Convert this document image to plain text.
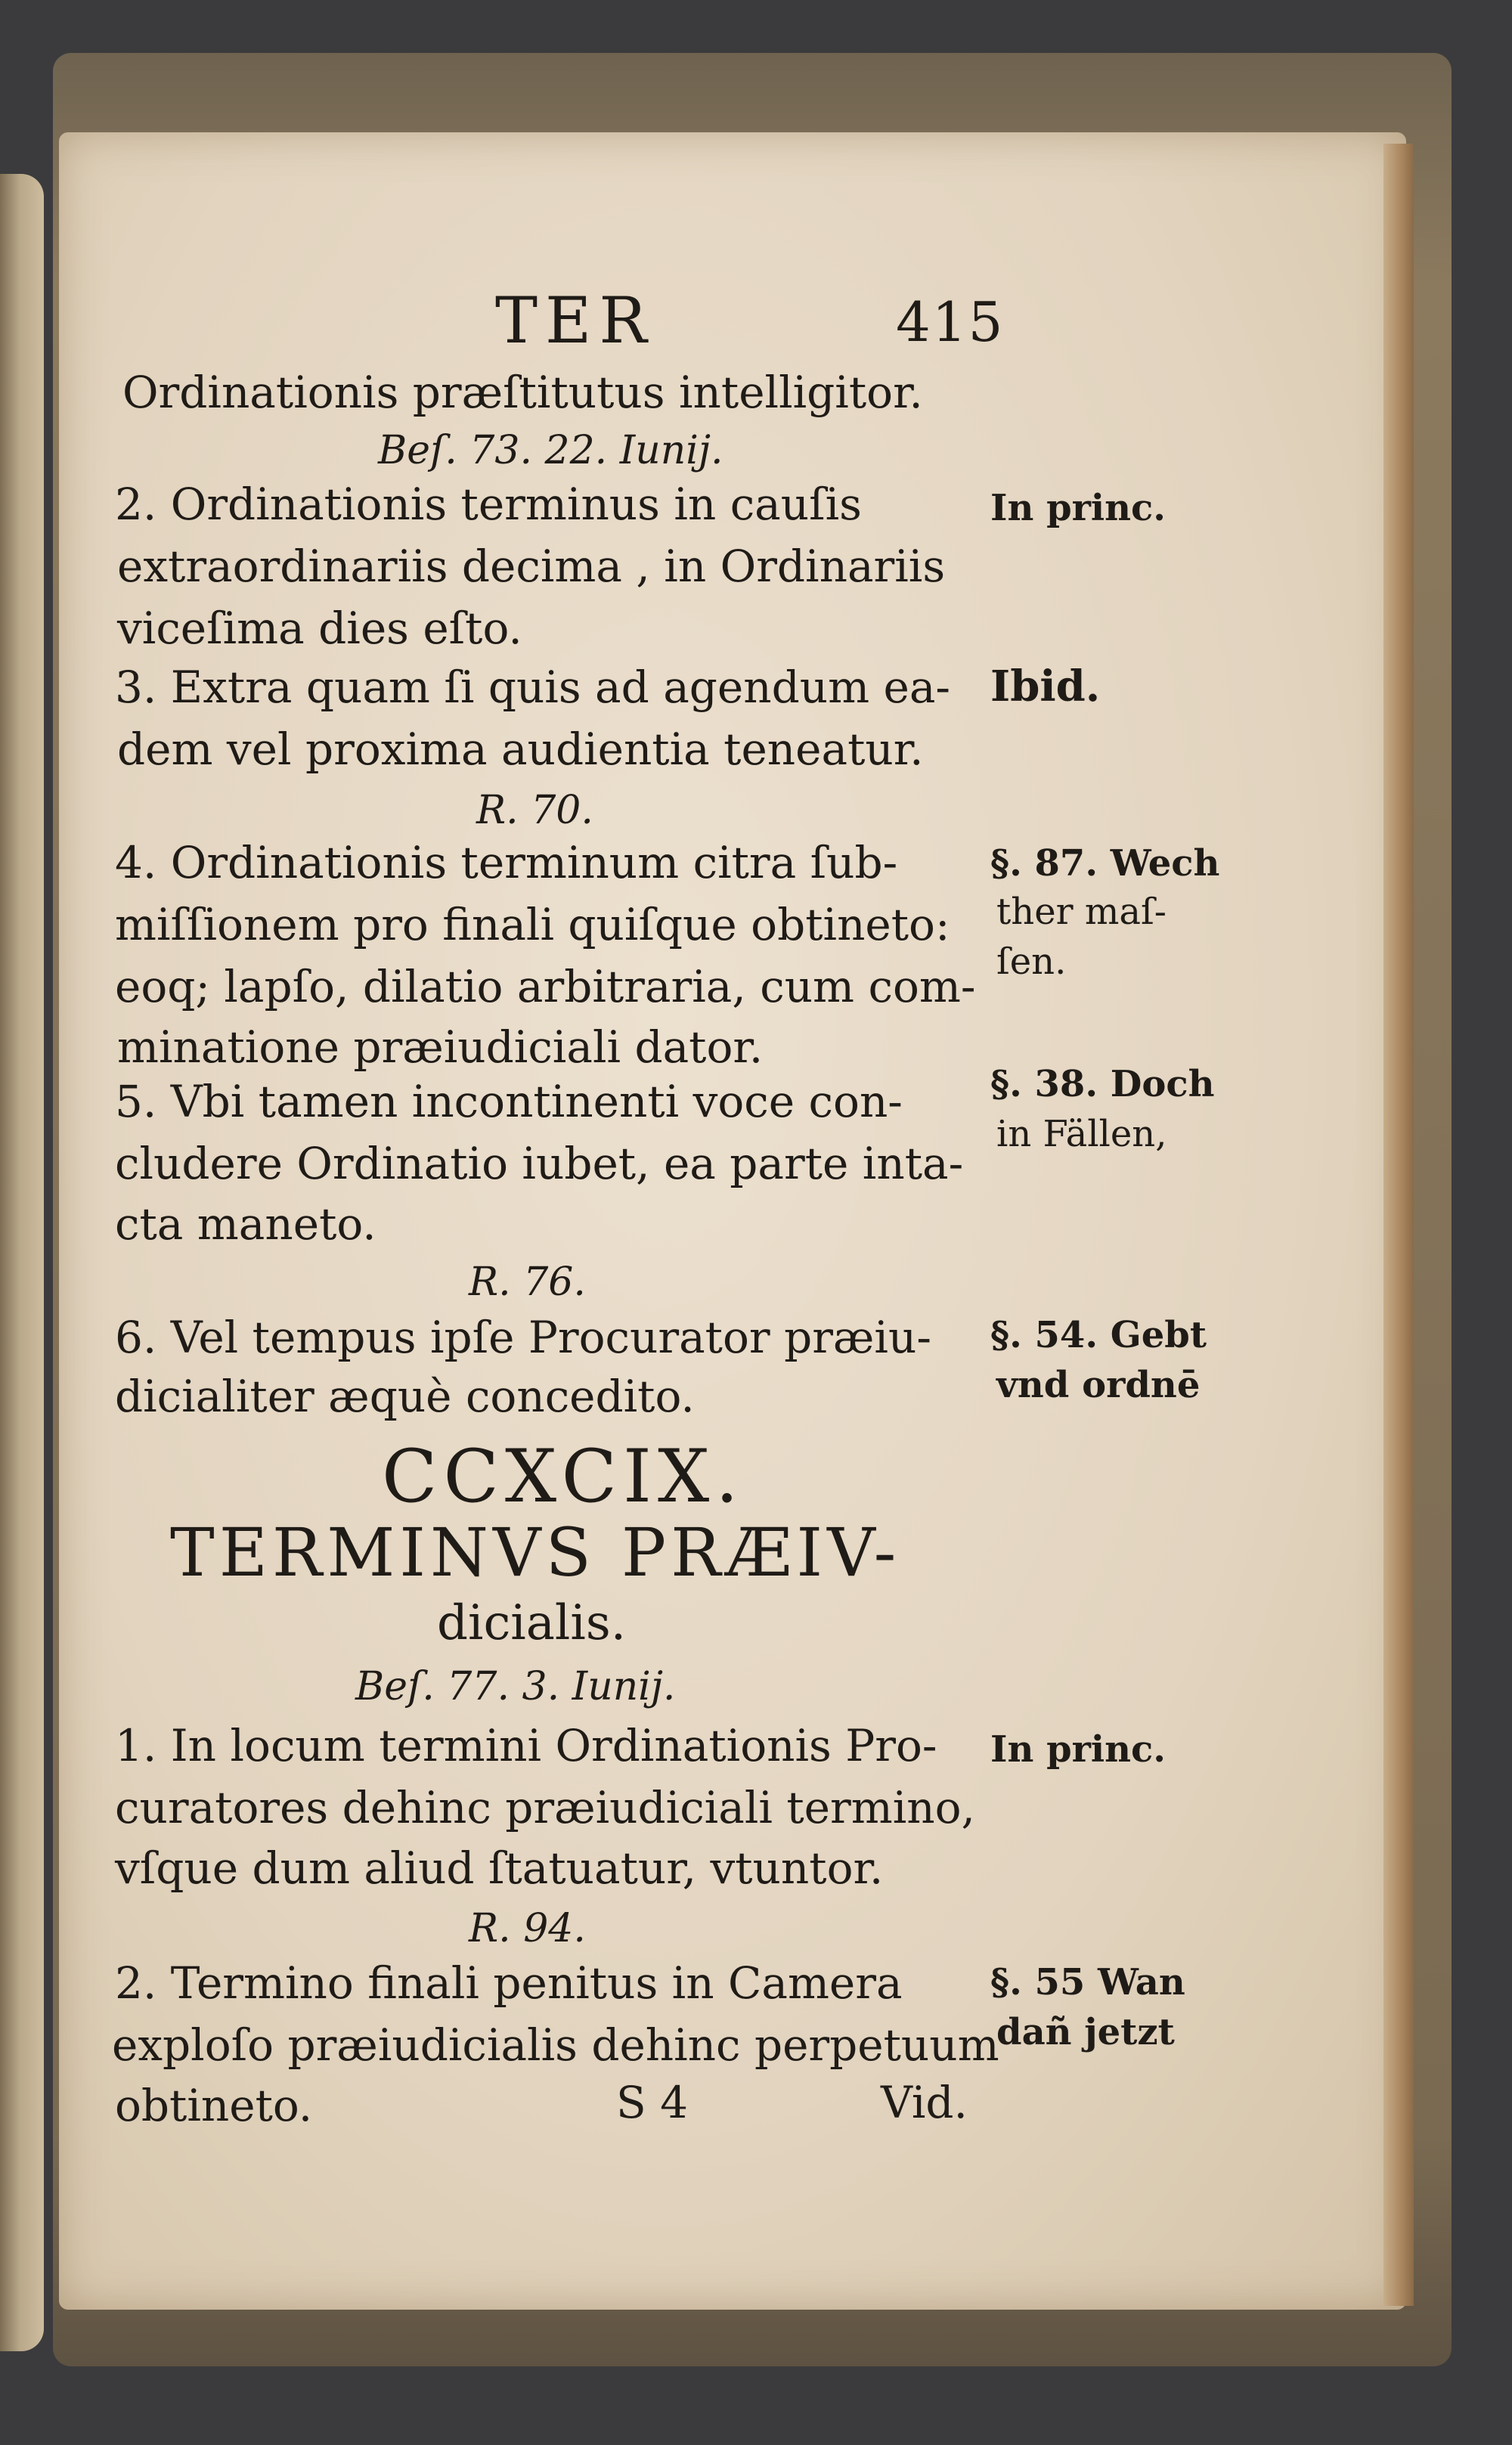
TER	415
Ordinationis præſtitutus intelligitor.
Beſ. 73. 22. Iunij.
2. Ordinationis terminus in cauſis
extraordinariis decima , in Ordinariis
viceſima dies eſto.
3. Extra quam ſi quis ad agendum ea-
dem vel proxima audientia teneatur.
R. 70.
4. Ordinationis terminum citra ſub-
miſſionem pro finali quiſque obtineto:
eoq; lapſo, dilatio arbitraria, cum com-
minatione præiudiciali dator.
5. Vbi tamen incontinenti voce con-
cludere Ordinatio iubet, ea parte inta-
cta maneto.
R. 76.
6. Vel tempus ipſe Procurator præiu-
dicialiter æquè concedito.
CCXCIX.
TERMINVS PRÆIV-
dicialis.
Beſ. 77. 3. Iunij.
1. In locum termini Ordinationis Pro-
curatores dehinc præiudiciali termino,
vſque dum aliud ſtatuatur, vtuntor.
R. 94.
2. Termino finali penitus in Camera
exploſo præiudicialis dehinc perpetuum
obtineto.	S 4	Vid.
In princ.
Ibid.
§. 87. Wech
ther maſ-
ſen.
§. 38. Doch
in Fällen,
§. 54. Gebt
vnd ordnē
In princ.
§. 55 Wan
dañ jetzt
